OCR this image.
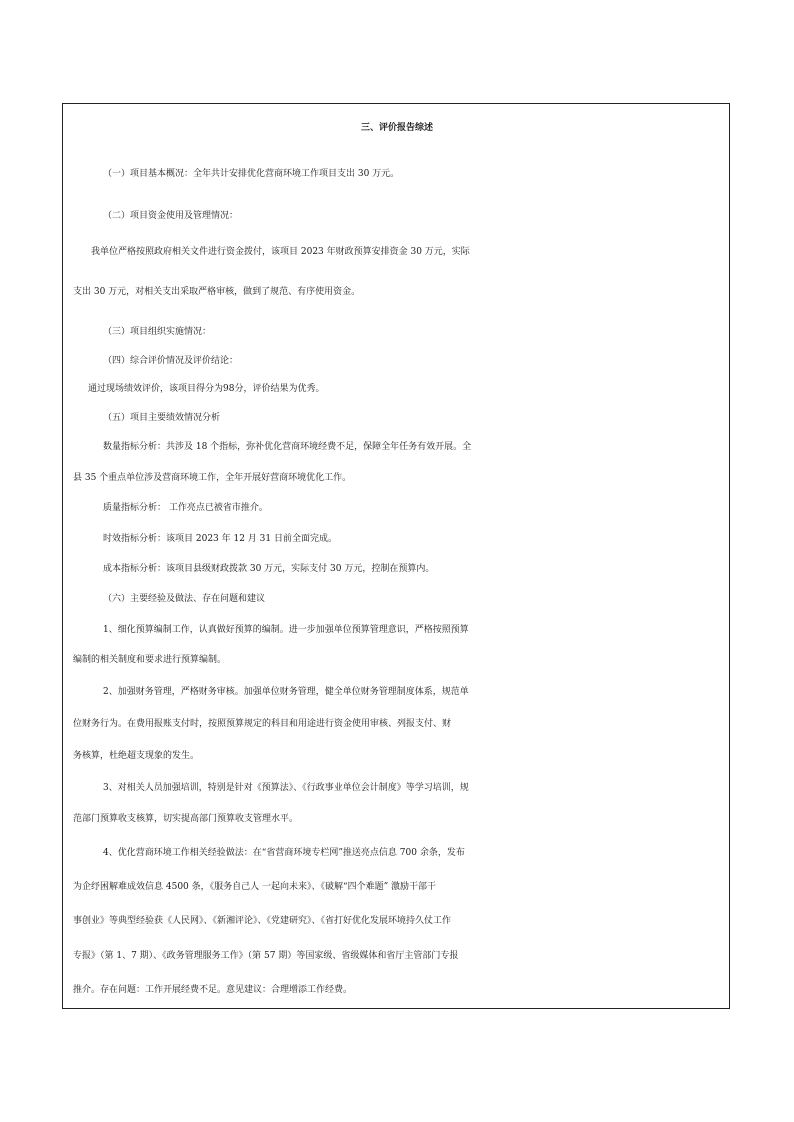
三、评价报告综述
（一）项目基本概况：全年共计安排优化营商环境工作项目支出 30 万元。
（二）项目资金使用及管理情况：
我单位严格按照政府相关文件进行资金拨付，该项目 2023 年财政预算安排资金 30 万元，实际
支出 30 万元，对相关支出采取严格审核，做到了规范、有序使用资金。
（三）项目组织实施情况：
（四）综合评价情况及评价结论：
通过现场绩效评价，该项目得分为98分，评价结果为优秀。
（五）项目主要绩效情况分析
数量指标分析：共涉及 18 个指标，弥补优化营商环境经费不足，保障全年任务有效开展。全
县 35 个重点单位涉及营商环境工作，全年开展好营商环境优化工作。
质量指标分析： 工作亮点已被省市推介。
时效指标分析：该项目 2023 年 12 月 31 日前全面完成。
成本指标分析：该项目县级财政拨款 30 万元，实际支付 30 万元，控制在预算内。
（六）主要经验及做法、存在问题和建议
1、细化预算编制工作，认真做好预算的编制。进一步加强单位预算管理意识，严格按照预算
编制的相关制度和要求进行预算编制。
2、加强财务管理，严格财务审核。加强单位财务管理，健全单位财务管理制度体系，规范单
位财务行为。在费用报账支付时，按照预算规定的科目和用途进行资金使用审核、列报支付、财
务核算，杜绝超支现象的发生。
3、对相关人员加强培训，特别是针对《预算法》、《行政事业单位会计制度》等学习培训，规
范部门预算收支核算，切实提高部门预算收支管理水平。
4、优化营商环境工作相关经验做法：在“省营商环境专栏网”推送亮点信息 700 余条，发布
为企纾困解难成效信息 4500 条，《服务自己人 一起向未来》、《破解“四个难题” 激励干部干
事创业》等典型经验获《人民网》、《新湘评论》、《党建研究》、《省打好优化发展环境持久仗工作
专报》（第 1、7 期）、《政务管理服务工作》（第 57 期）等国家级、省级媒体和省厅主管部门专报
推介。存在问题：工作开展经费不足。意见建议：合理增添工作经费。
